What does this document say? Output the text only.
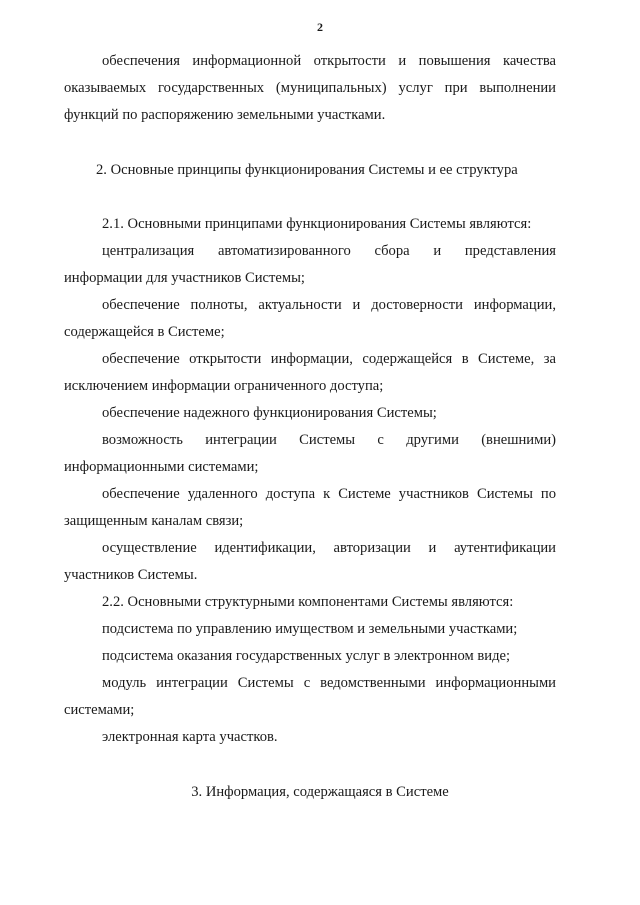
2
обеспечения информационной открытости и повышения качества
оказываемых государственных (муниципальных) услуг при выполнении
функций по распоряжению земельными участками.
2. Основные принципы функционирования Системы и ее структура
2.1. Основными принципами функционирования Системы являются:
централизация автоматизированного сбора и представления
информации для участников Системы;
обеспечение полноты, актуальности и достоверности информации,
содержащейся в Системе;
обеспечение открытости информации, содержащейся в Системе, за
исключением информации ограниченного доступа;
обеспечение надежного функционирования Системы;
возможность интеграции Системы с другими (внешними)
информационными системами;
обеспечение удаленного доступа к Системе участников Системы по
защищенным каналам связи;
осуществление идентификации, авторизации и аутентификации
участников Системы.
2.2. Основными структурными компонентами Системы являются:
подсистема по управлению имуществом и земельными участками;
подсистема оказания государственных услуг в электронном виде;
модуль интеграции Системы с ведомственными информационными
системами;
электронная карта участков.
3. Информация, содержащаяся в Системе
